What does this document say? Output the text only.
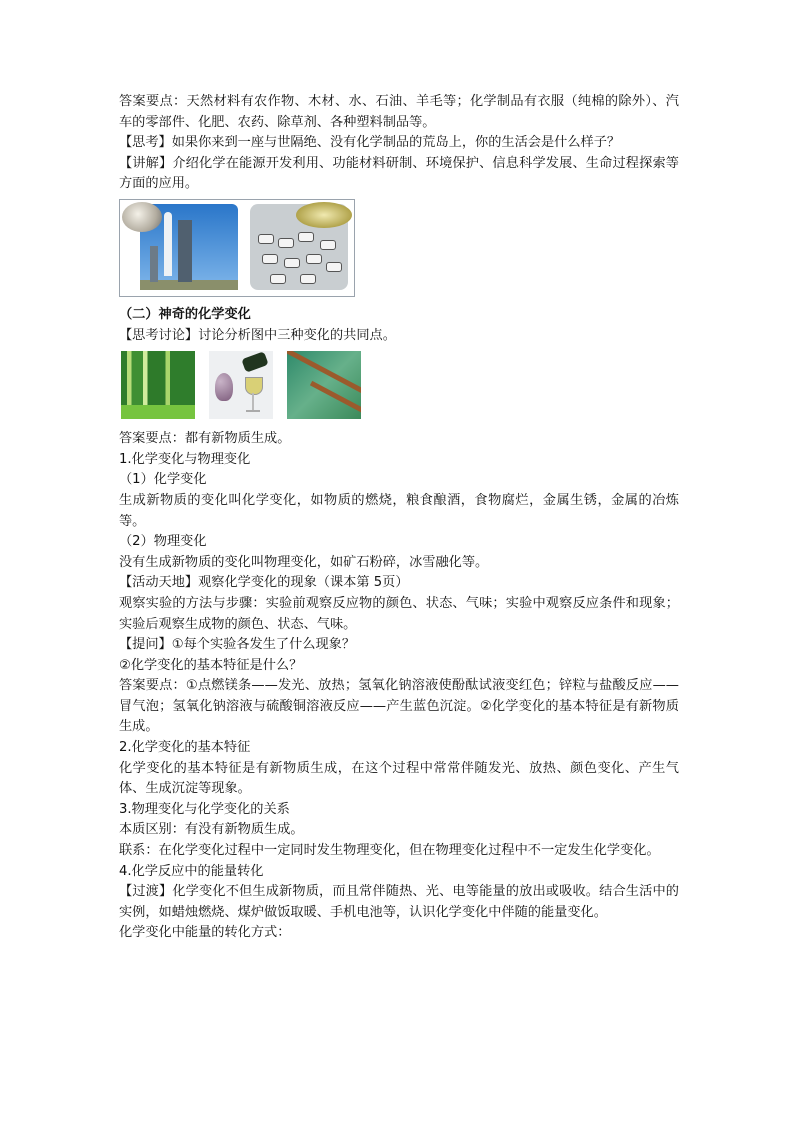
答案要点：天然材料有农作物、木材、水、石油、羊毛等；化学制品有衣服（纯棉的除外）、汽车的零部件、化肥、农药、除草剂、各种塑料制品等。

【思考】如果你来到一座与世隔绝、没有化学制品的荒岛上，你的生活会是什么样子？

【讲解】介绍化学在能源开发利用、功能材料研制、环境保护、信息科学发展、生命过程探索等方面的应用。

（二）神奇的化学变化

【思考讨论】讨论分析图中三种变化的共同点。

答案要点：都有新物质生成。

1.化学变化与物理变化

（1）化学变化

生成新物质的变化叫化学变化，如物质的燃烧，粮食酿酒，食物腐烂，金属生锈，金属的冶炼等。

（2）物理变化

没有生成新物质的变化叫物理变化，如矿石粉碎，冰雪融化等。

【活动天地】观察化学变化的现象（课本第 5页）

观察实验的方法与步骤：实验前观察反应物的颜色、状态、气味；实验中观察反应条件和现象；实验后观察生成物的颜色、状态、气味。

【提问】①每个实验各发生了什么现象？

②化学变化的基本特征是什么？

答案要点：①点燃镁条——发光、放热；氢氧化钠溶液使酚酞试液变红色；锌粒与盐酸反应——冒气泡；氢氧化钠溶液与硫酸铜溶液反应——产生蓝色沉淀。②化学变化的基本特征是有新物质生成。

2.化学变化的基本特征

化学变化的基本特征是有新物质生成，在这个过程中常常伴随发光、放热、颜色变化、产生气体、生成沉淀等现象。

3.物理变化与化学变化的关系

本质区别：有没有新物质生成。

联系：在化学变化过程中一定同时发生物理变化，但在物理变化过程中不一定发生化学变化。

4.化学反应中的能量转化

【过渡】化学变化不但生成新物质，而且常伴随热、光、电等能量的放出或吸收。结合生活中的实例，如蜡烛燃烧、煤炉做饭取暖、手机电池等，认识化学变化中伴随的能量变化。

化学变化中能量的转化方式：
